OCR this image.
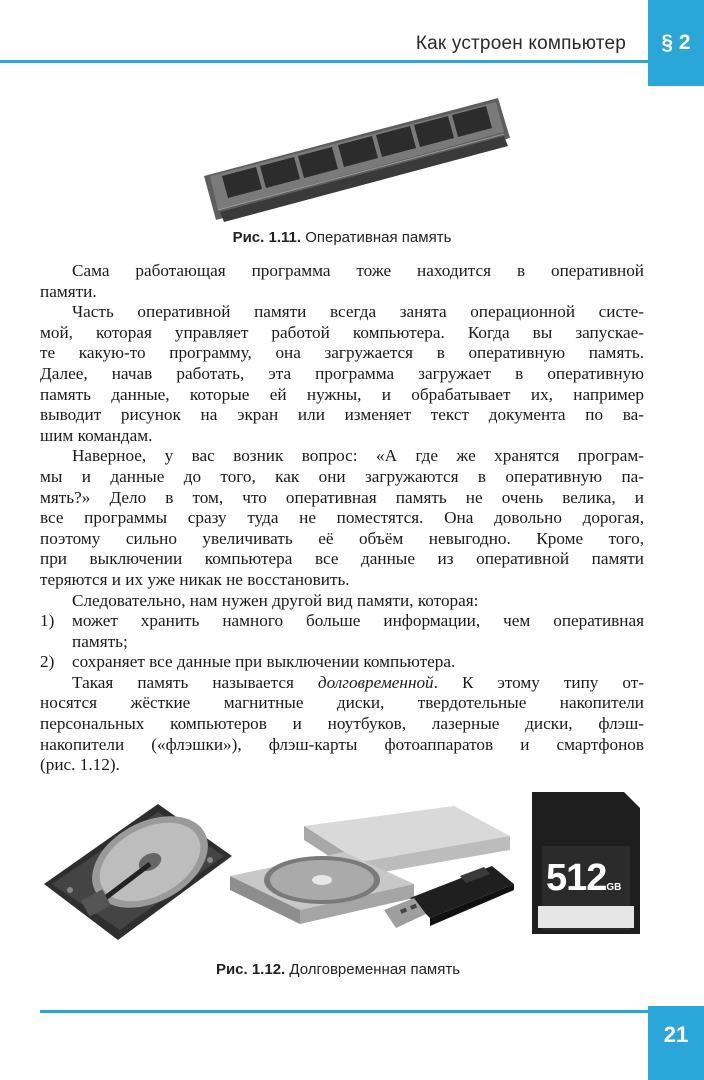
Как устроен компьютер	§ 2
Рис. 1.11. Оперативная память
Сама работающая программа тоже находится в оперативной
памяти.
Часть оперативной памяти всегда занята операционной систе-
мой, которая управляет работой компьютера. Когда вы запускае-
те какую-то программу, она загружается в оперативную память.
Далее, начав работать, эта программа загружает в оперативную
память данные, которые ей нужны, и обрабатывает их, например
выводит рисунок на экран или изменяет текст документа по ва-
шим командам.
Наверное, у вас возник вопрос: «А где же хранятся програм-
мы и данные до того, как они загружаются в оперативную па-
мять?» Дело в том, что оперативная память не очень велика, и
все программы сразу туда не поместятся. Она довольно дорогая,
поэтому сильно увеличивать её объём невыгодно. Кроме того,
при выключении компьютера все данные из оперативной памяти
теряются и их уже никак не восстановить.
Следовательно, нам нужен другой вид памяти, которая:
1)	может хранить намного больше информации, чем оперативная
память;
2)	сохраняет все данные при выключении компьютера.
Такая память называется долговременной. К этому типу от-
носятся жёсткие магнитные диски, твердотельные накопители
персональных компьютеров и ноутбуков, лазерные диски, флэш-
накопители («флэшки»), флэш-карты фотоаппаратов и смартфонов
(рис. 1.12).
512GB
Рис. 1.12. Долговременная память
21
